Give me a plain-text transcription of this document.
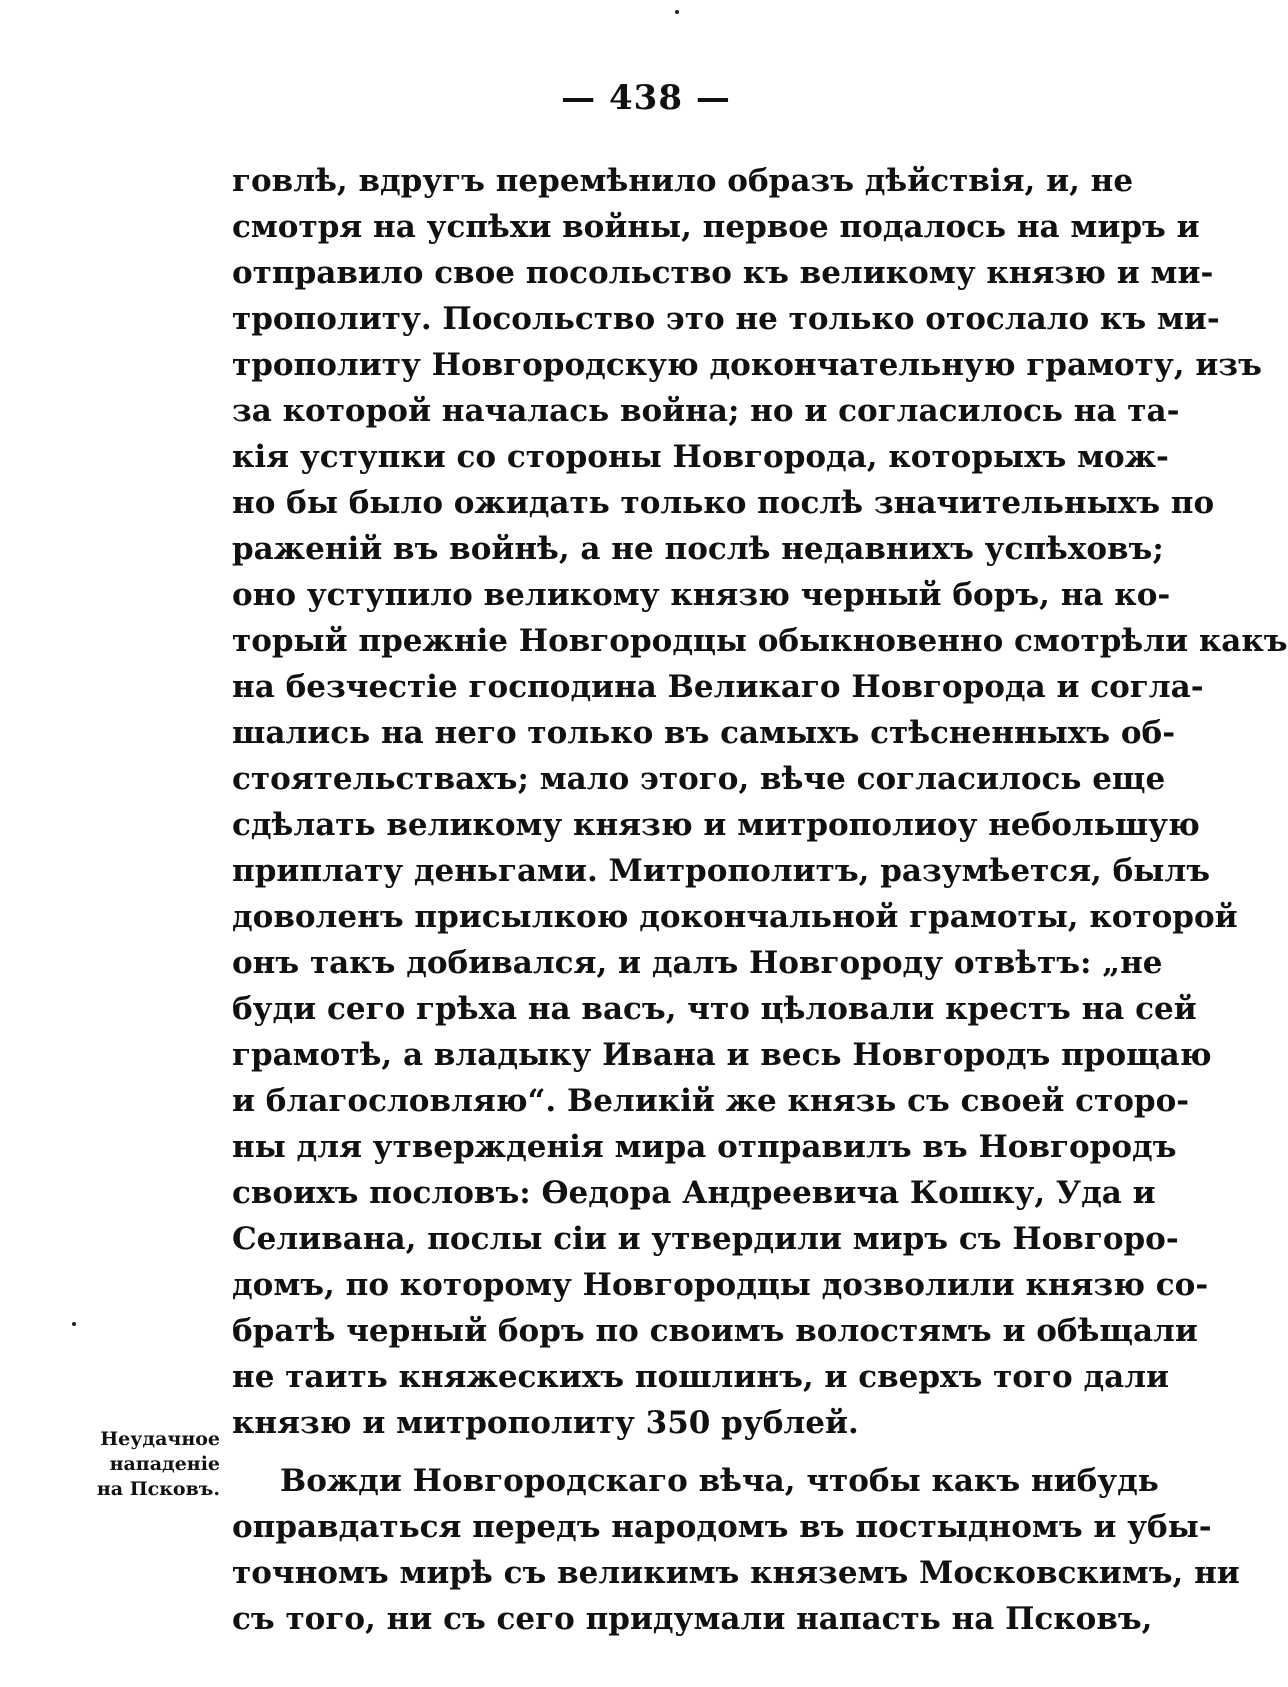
— 438 —
говлѣ, вдругъ перемѣнило образъ дѣйствія, и, не
смотря на успѣхи войны, первое подалось на миръ и
отправило свое посольство къ великому князю и ми-
трополиту. Посольство это не только отослало къ ми-
трополиту Новгородскую докончательную грамоту, изъ
за которой началась война; но и согласилось на та-
кія уступки со стороны Новгорода, которыхъ мож-
но бы было ожидать только послѣ значительныхъ по
раженій въ войнѣ, а не послѣ недавнихъ успѣховъ;
оно уступило великому князю черный боръ, на ко-
торый прежніе Новгородцы обыкновенно смотрѣли какъ
на безчестіе господина Великаго Новгорода и согла-
шались на него только въ самыхъ стѣсненныхъ об-
стоятельствахъ; мало этого, вѣче согласилось еще
сдѣлать великому князю и митрополиоу небольшую
приплату деньгами. Митрополитъ, разумѣется, былъ
доволенъ присылкою докончальной грамоты, которой
онъ такъ добивался, и далъ Новгороду отвѣтъ: „не
буди сего грѣха на васъ, что цѣловали крестъ на сей
грамотѣ, а владыку Ивана и весь Новгородъ прощаю
и благословляю“. Великій же князь съ своей сторо-
ны для утвержденія мира отправилъ въ Новгородъ
своихъ пословъ: Өедора Андреевича Кошку, Уда и
Селивана, послы сіи и утвердили миръ съ Новгоро-
домъ, по которому Новгородцы дозволили князю со-
братѣ черный боръ по своимъ волостямъ и обѣщали
не таить княжескихъ пошлинъ, и сверхъ того дали
князю и митрополиту 350 рублей.
Вожди Новгородскаго вѣча, чтобы какъ нибудь
оправдаться передъ народомъ въ постыдномъ и убы-
точномъ мирѣ съ великимъ княземъ Московскимъ, ни
съ того, ни съ сего придумали напасть на Псковъ,
Неудачное
нападеніе
на Псковъ.
